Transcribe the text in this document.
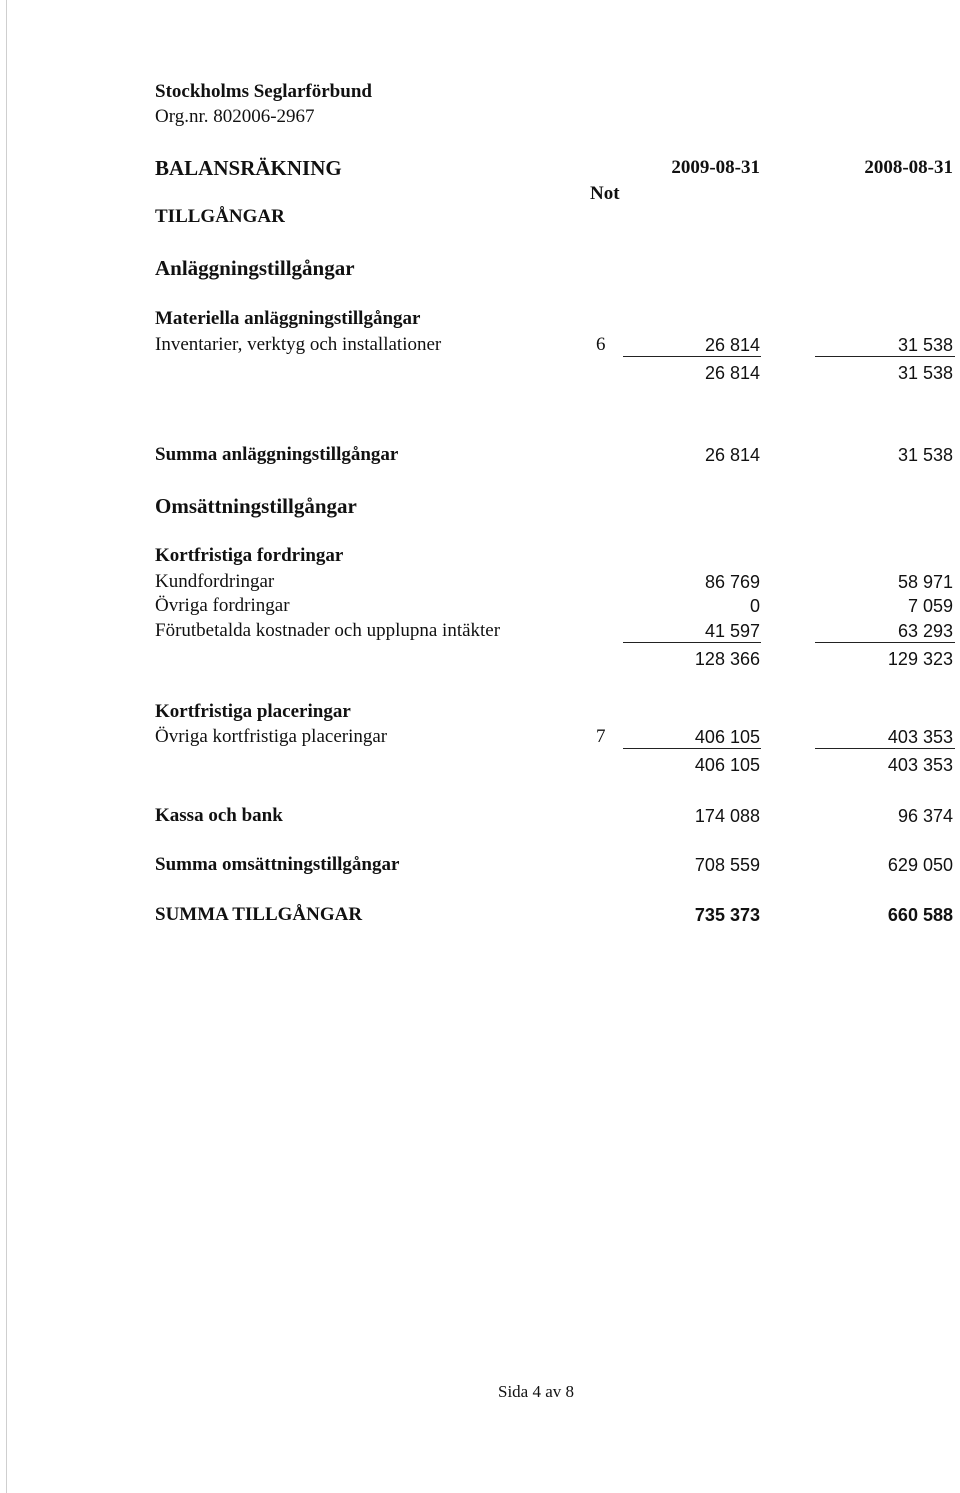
Stockholms Seglarförbund
Org.nr. 802006-2967
BALANSRÄKNING	2009-08-31	2008-08-31
Not
TILLGÅNGAR
Anläggningstillgångar
Materiella anläggningstillgångar
Inventarier, verktyg och installationer	6	26 814	31 538
26 814	31 538
Summa anläggningstillgångar	26 814	31 538
Omsättningstillgångar
Kortfristiga fordringar
Kundfordringar	86 769	58 971
Övriga fordringar	0	7 059
Förutbetalda kostnader och upplupna intäkter	41 597	63 293
128 366	129 323
Kortfristiga placeringar
Övriga kortfristiga placeringar	7	406 105	403 353
406 105	403 353
Kassa och bank	174 088	96 374
Summa omsättningstillgångar	708 559	629 050
SUMMA TILLGÅNGAR	735 373	660 588
Sida 4 av 8
